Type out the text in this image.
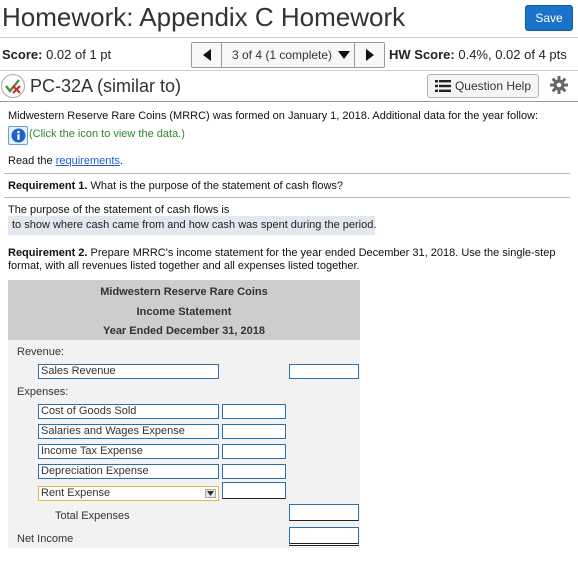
Homework: Appendix C Homework	Save
Score: 0.02 of 1 pt	3 of 4 (1 complete)	HW Score: 0.4%, 0.02 of 4 pts
PC-32A (similar to)	Question Help
Midwestern Reserve Rare Coins (MRRC) was formed on January 1, 2018. Additional data for the year follow:
(Click the icon to view the data.)
Read the requirements.
Requirement 1. What is the purpose of the statement of cash flows?
The purpose of the statement of cash flows is
to show where cash came from and how cash was spent during the period.
Requirement 2. Prepare MRRC's income statement for the year ended December 31, 2018. Use the single-step
format, with all revenues listed together and all expenses listed together.
Midwestern Reserve Rare Coins
Income Statement
Year Ended December 31, 2018
Revenue:
Sales Revenue
Expenses:
Cost of Goods Sold
Salaries and Wages Expense
Income Tax Expense
Depreciation Expense
Rent Expense
Total Expenses
Net Income
